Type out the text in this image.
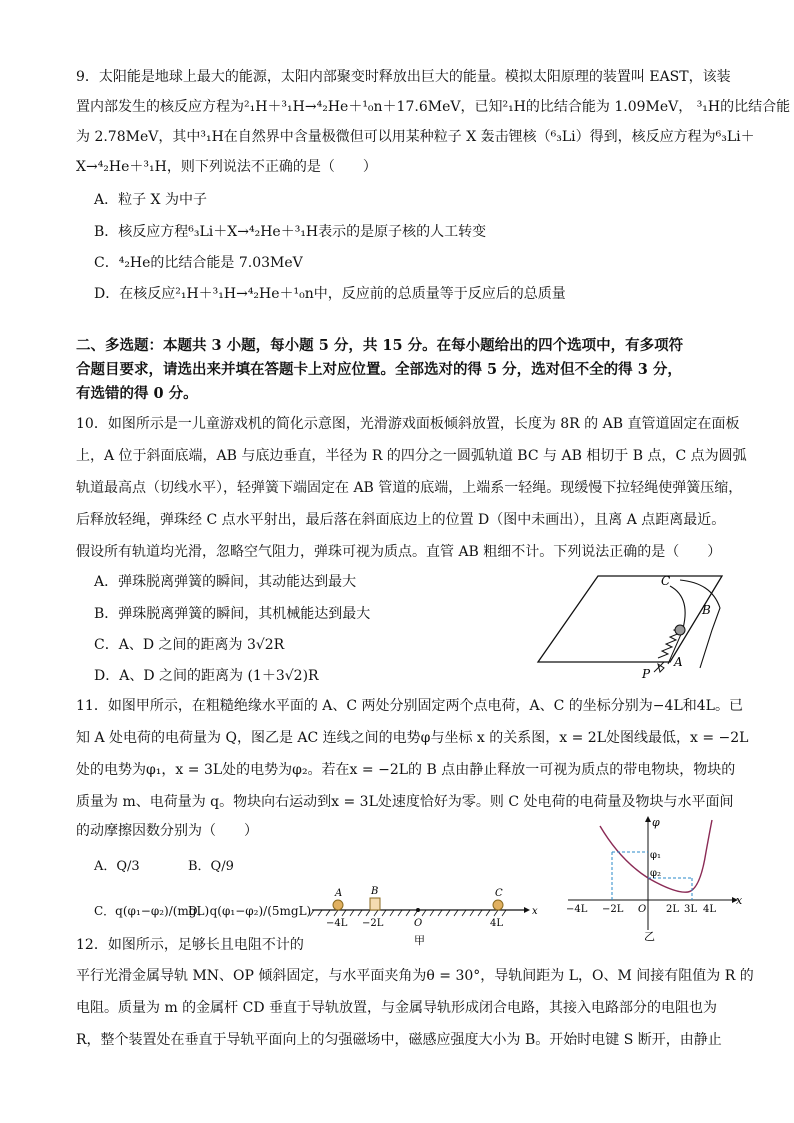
9．太阳能是地球上最大的能源，太阳内部聚变时释放出巨大的能量。模拟太阳原理的装置叫 EAST，该装
置内部发生的核反应方程为²₁H＋³₁H→⁴₂He＋¹₀n＋17.6MeV，已知²₁H的比结合能为 1.09MeV， ³₁H的比结合能
为 2.78MeV，其中³₁H在自然界中含量极微但可以用某种粒子 X 轰击锂核（⁶₃Li）得到，核反应方程为⁶₃Li＋
X→⁴₂He＋³₁H，则下列说法不正确的是（　　）
A．粒子 X 为中子
B．核反应方程⁶₃Li＋X→⁴₂He＋³₁H表示的是原子核的人工转变
C．⁴₂He的比结合能是 7.03MeV
D．在核反应²₁H＋³₁H→⁴₂He＋¹₀n中，反应前的总质量等于反应后的总质量
二、多选题：本题共 3 小题，每小题 5 分，共 15 分。在每小题给出的四个选项中，有多项符
合题目要求，请选出来并填在答题卡上对应位置。全部选对的得 5 分，选对但不全的得 3 分，
有选错的得 0 分。
10．如图所示是一儿童游戏机的简化示意图，光滑游戏面板倾斜放置，长度为 8R 的 AB 直管道固定在面板
上，A 位于斜面底端，AB 与底边垂直，半径为 R 的四分之一圆弧轨道 BC 与 AB 相切于 B 点，C 点为圆弧
轨道最高点（切线水平），轻弹簧下端固定在 AB 管道的底端，上端系一轻绳。现缓慢下拉轻绳使弹簧压缩，
后释放轻绳，弹珠经 C 点水平射出，最后落在斜面底边上的位置 D（图中未画出），且离 A 点距离最近。
假设所有轨道均光滑，忽略空气阻力，弹珠可视为质点。直管 AB 粗细不计。下列说法正确的是（　　）
A．弹珠脱离弹簧的瞬间，其动能达到最大
B．弹珠脱离弹簧的瞬间，其机械能达到最大
C．A、D 之间的距离为 3√2R
D．A、D 之间的距离为 (1＋3√2)R
C
B
A
P
11．如图甲所示，在粗糙绝缘水平面的 A、C 两处分别固定两个点电荷，A、C 的坐标分别为−4L和4L。已
知 A 处电荷的电荷量为 Q，图乙是 AC 连线之间的电势φ与坐标 x 的关系图，x = 2L处图线最低，x = −2L
处的电势为φ₁，x = 3L处的电势为φ₂。若在x = −2L的 B 点由静止释放一可视为质点的带电物块，物块的
质量为 m、电荷量为 q。物块向右运动到x = 3L处速度恰好为零。则 C 处电荷的电荷量及物块与水平面间
的动摩擦因数分别为（　　）
A．Q/3	B．Q/9
C．q(φ₁−φ₂)/(mgL)
D．q(φ₁−φ₂)/(5mgL)	x
A	B	C
−4L −2L	O	4L
甲
φ
x
φ₁
φ₂
−4L −2L O 2L 3L 4L
乙
12．如图所示，足够长且电阻不计的
平行光滑金属导轨 MN、OP 倾斜固定，与水平面夹角为θ = 30°，导轨间距为 L，O、M 间接有阻值为 R 的
电阻。质量为 m 的金属杆 CD 垂直于导轨放置，与金属导轨形成闭合电路，其接入电路部分的电阻也为
R，整个装置处在垂直于导轨平面向上的匀强磁场中，磁感应强度大小为 B。开始时电键 S 断开，由静止
